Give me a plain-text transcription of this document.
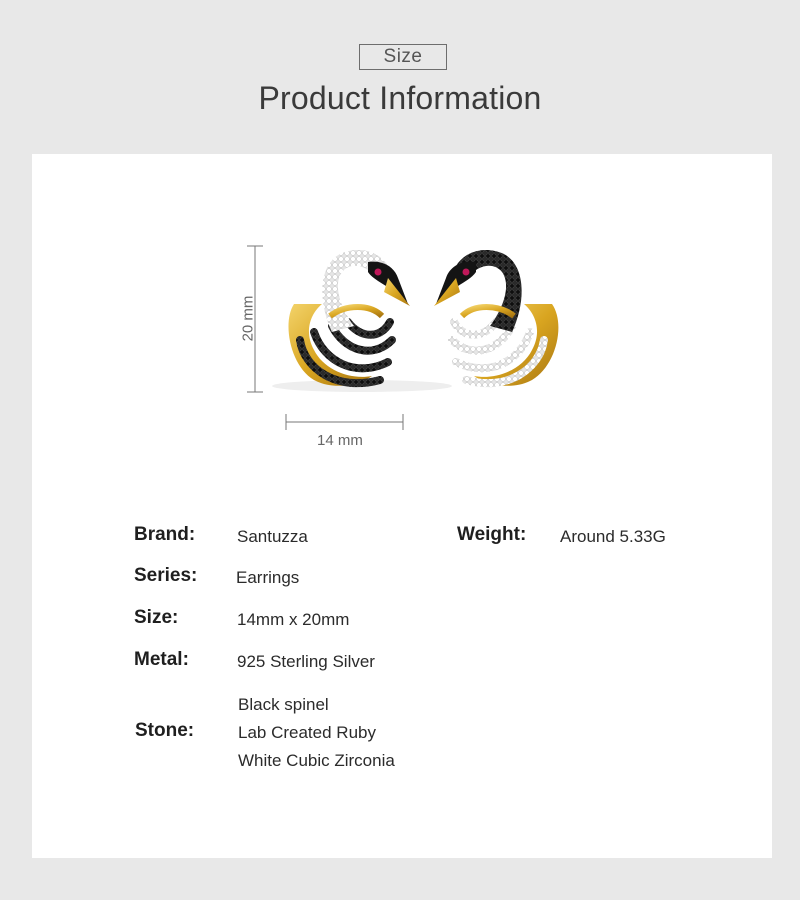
Size
Product Information
14 mm
20 mm
Brand: Santuzza	Weight: Around 5.33G
Series: Earrings
Size:	14mm x 20mm
Metal:	925 Sterling Silver
Stone:
Black spinel
Lab Created Ruby
White Cubic Zirconia
